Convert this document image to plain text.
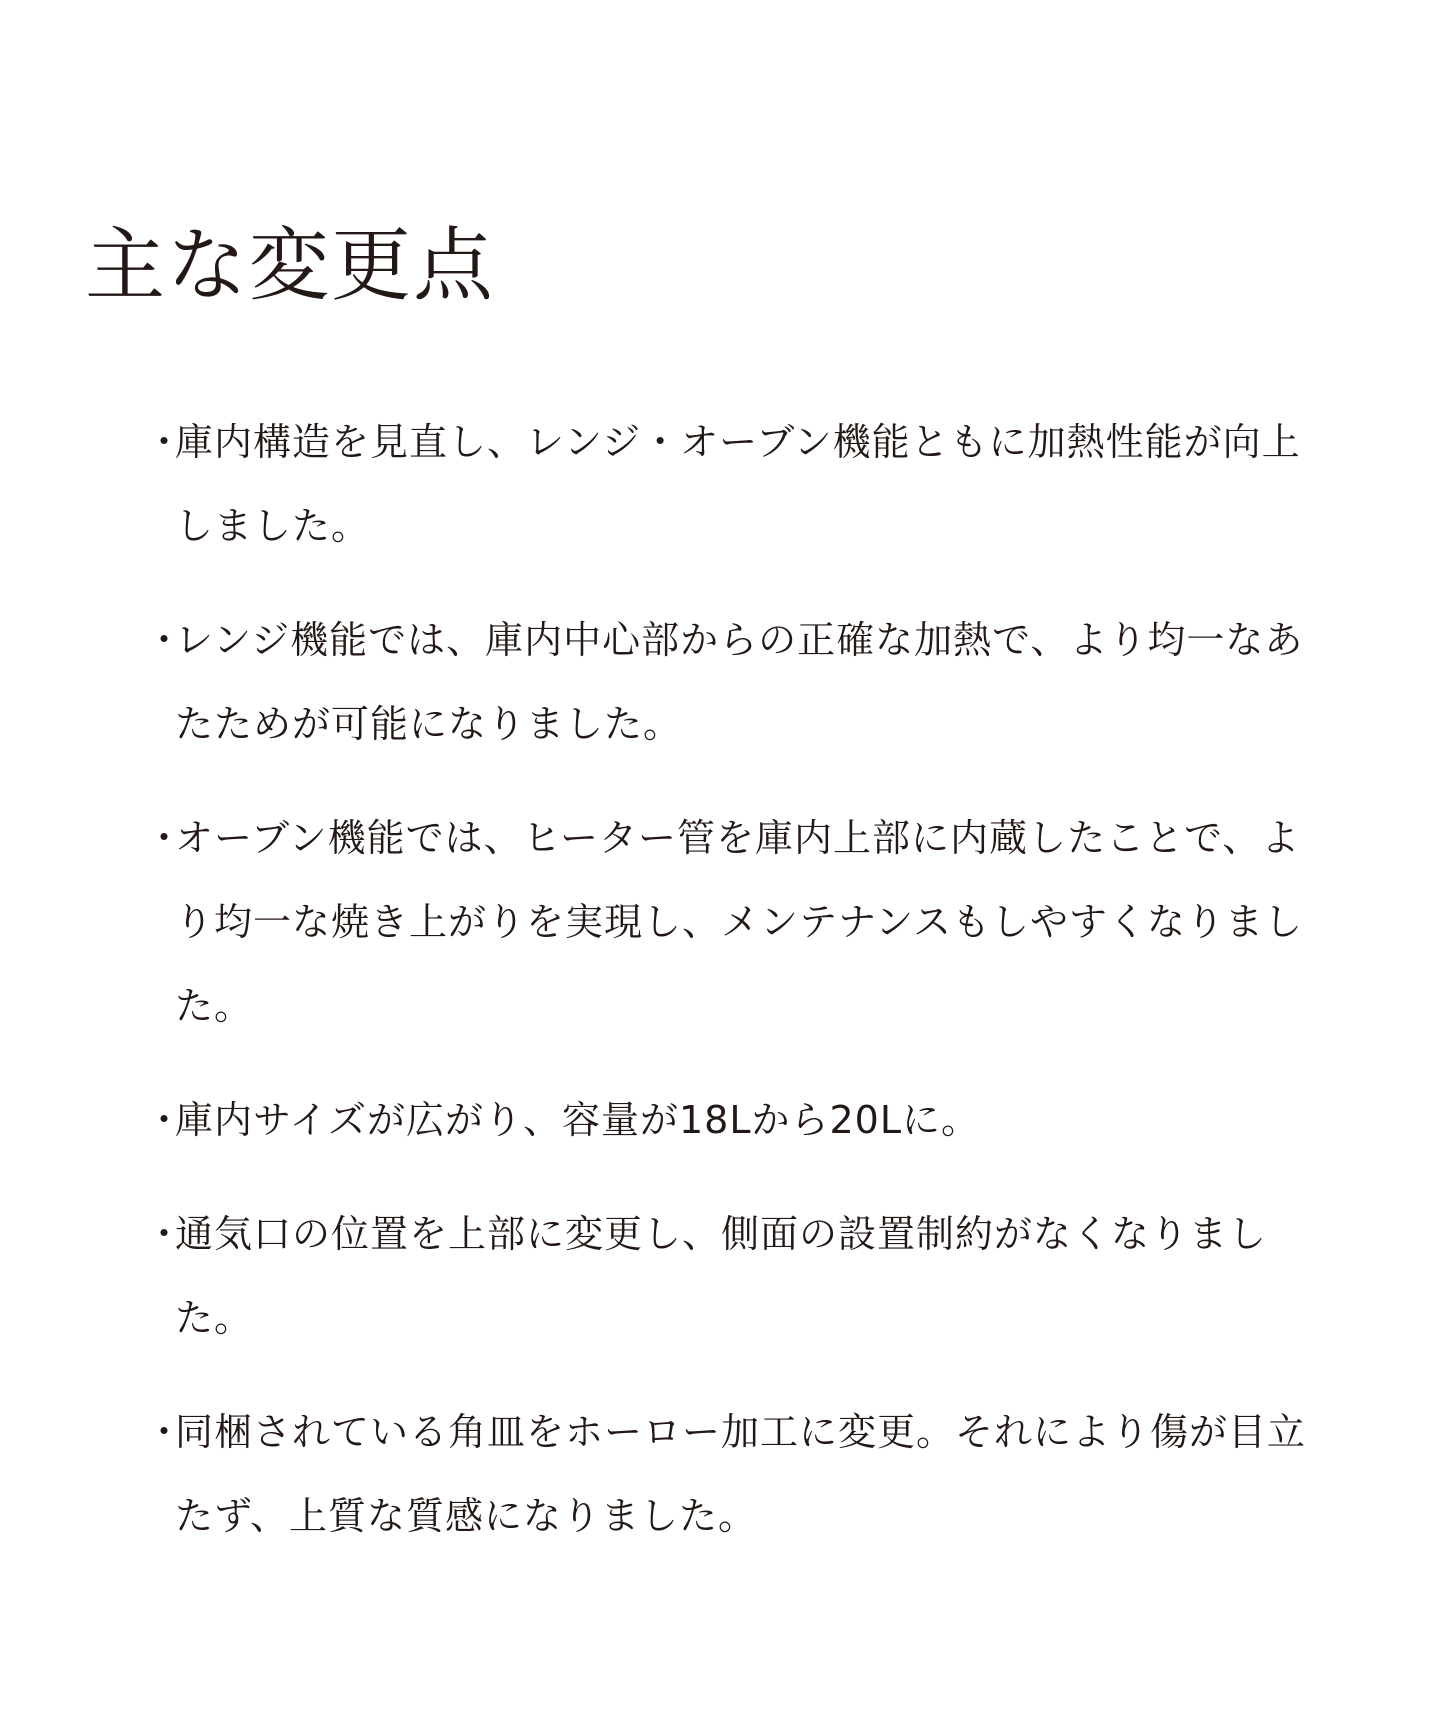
主な変更点
・
庫内構造を見直し、レンジ・オーブン機能ともに加熱性能が向上しました。
・
レンジ機能では、庫内中心部からの正確な加熱で、より均一なあたためが可能になりました。
・
オーブン機能では、ヒーター管を庫内上部に内蔵したことで、より均一な焼き上がりを実現し、メンテナンスもしやすくなりました。
・
庫内サイズが広がり、容量が18Lから20Lに。
・
通気口の位置を上部に変更し、側面の設置制約がなくなりました。
・
同梱されている角皿をホーロー加工に変更。それにより傷が目立たず、上質な質感になりました。
